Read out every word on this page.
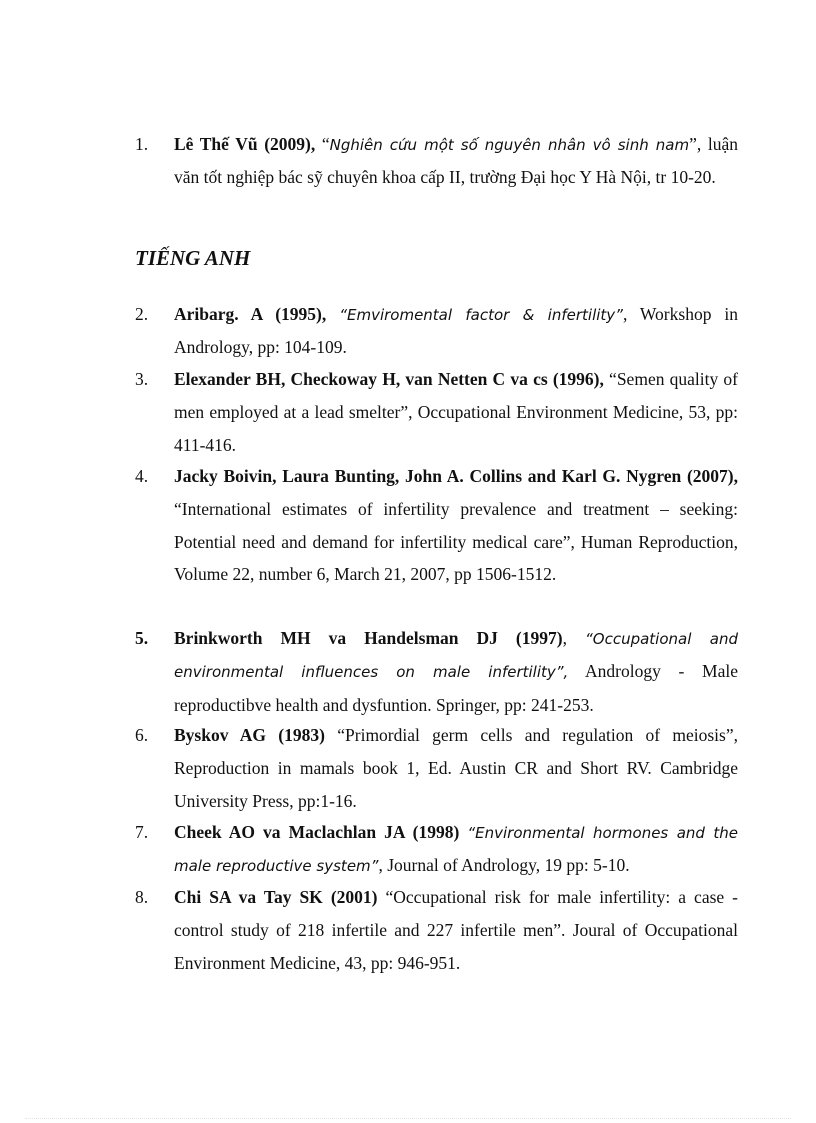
1.	Lê Thế Vũ (2009), “Nghiên cứu một số nguyên nhân vô sinh nam”, luận văn tốt nghiệp bác sỹ chuyên khoa cấp II, trường Đại học Y Hà Nội, tr 10-20.
TIẾNG ANH
2.	Aribarg. A (1995), “Emviromental factor & infertility”, Workshop in Andrology, pp: 104-109.
3.	Elexander BH, Checkoway H, van Netten C va cs (1996), “Semen quality of men employed at a lead smelter”, Occupational Environment Medicine, 53, pp: 411-416.
4.	Jacky Boivin, Laura Bunting, John A. Collins and Karl G. Nygren (2007), “International estimates of infertility prevalence and treatment – seeking: Potential need and demand for infertility medical care”, Human Reproduction, Volume 22, number 6, March 21, 2007, pp 1506-1512.
5.	Brinkworth MH va Handelsman DJ (1997), “Occupational and environmental influences on male infertility”, Andrology - Male reproductibve health and dysfuntion. Springer, pp: 241-253.
6.	Byskov AG (1983) “Primordial germ cells and regulation of meiosis”, Reproduction in mamals book 1, Ed. Austin CR and Short RV. Cambridge University Press, pp:1-16.
7.	Cheek AO va Maclachlan JA (1998) “Environmental hormones and the male reproductive system”, Journal of Andrology, 19 pp: 5-10.
8.	Chi SA va Tay SK (2001) “Occupational risk for male infertility: a case - control study of 218 infertile and 227 infertile men”. Joural of Occupational Environment Medicine, 43, pp: 946-951.
